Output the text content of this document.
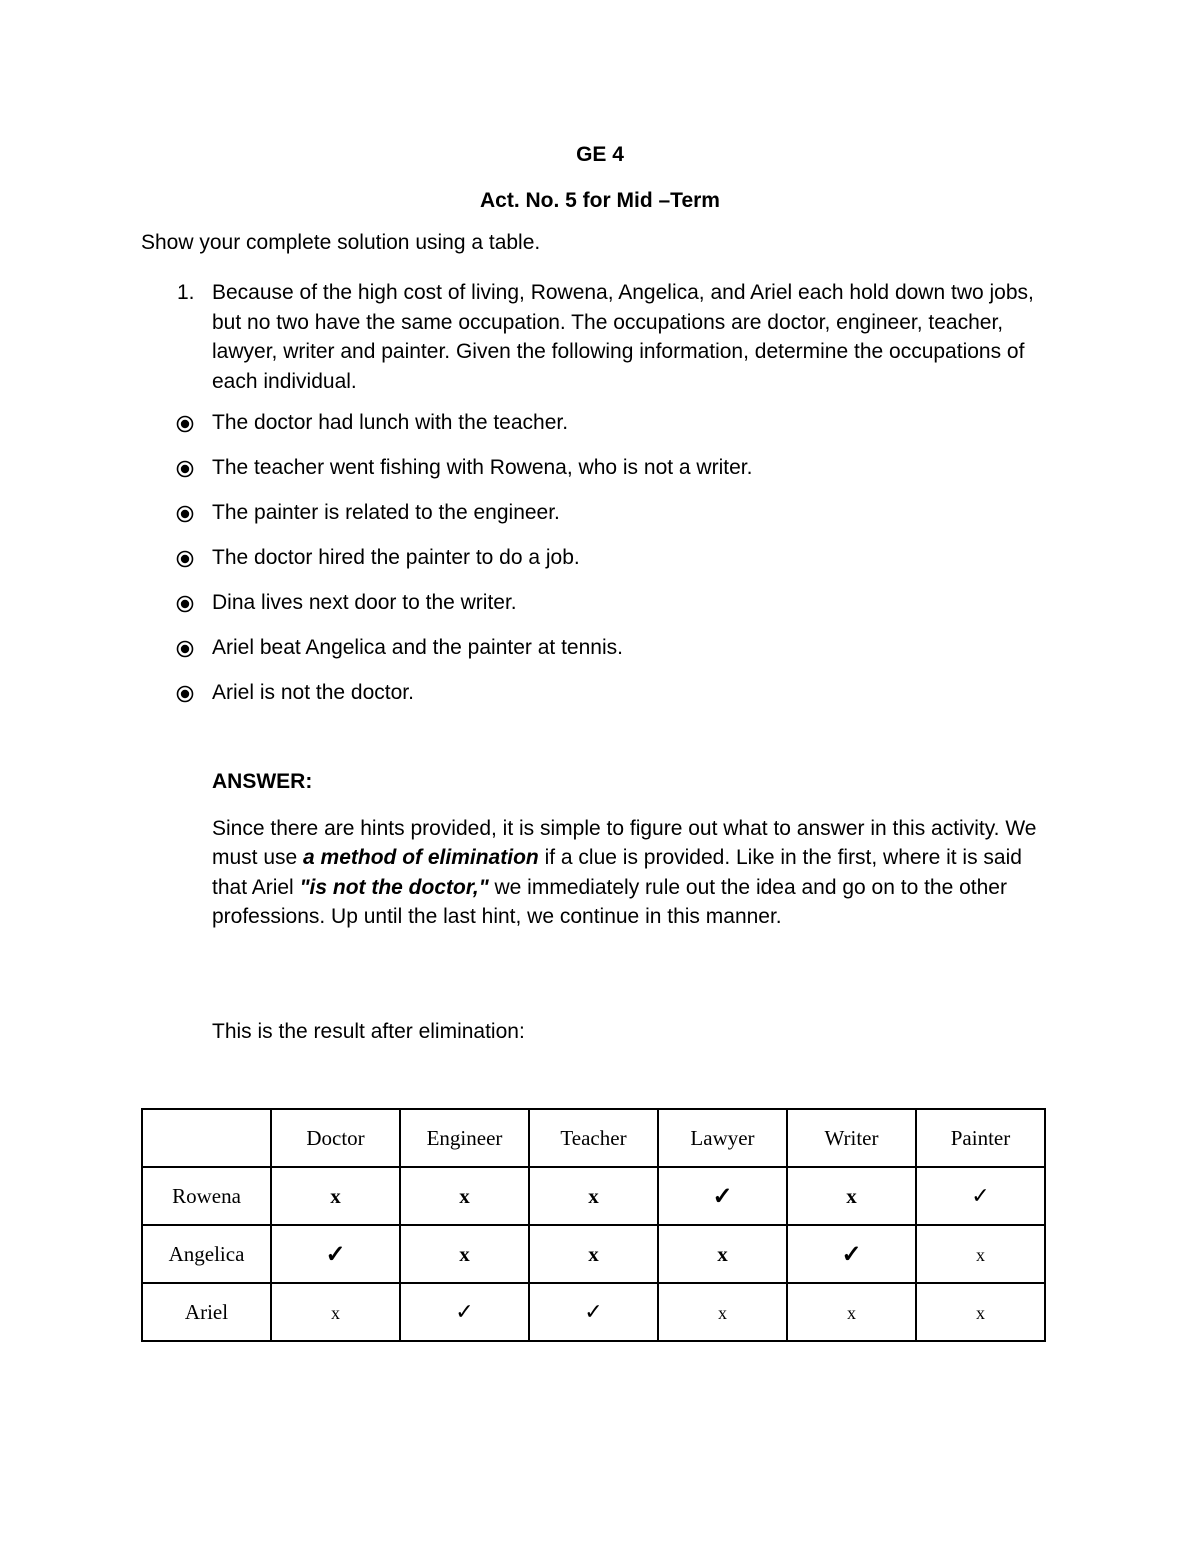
GE 4
Act. No. 5 for Mid –Term
Show your complete solution using a table.
1. Because of the high cost of living, Rowena, Angelica, and Ariel each hold down two jobs, but no two have the same occupation. The occupations are doctor, engineer, teacher, lawyer, writer and painter. Given the following information, determine the occupations of each individual.
The doctor had lunch with the teacher.
The teacher went fishing with Rowena, who is not a writer.
The painter is related to the engineer.
The doctor hired the painter to do a job.
Dina lives next door to the writer.
Ariel beat Angelica and the painter at tennis.
Ariel is not the doctor.
ANSWER:
Since there are hints provided, it is simple to figure out what to answer in this activity. We must use a method of elimination if a clue is provided. Like in the first, where it is said that Ariel "is not the doctor," we immediately rule out the idea and go on to the other professions. Up until the last hint, we continue in this manner.
This is the result after elimination:
	Doctor	Engineer	Teacher	Lawyer	Writer	Painter
Rowena	x	x	x	✓	x	✓
Angelica	✓	x	x	x	✓	x
Ariel	x	✓	✓	x	x	x
